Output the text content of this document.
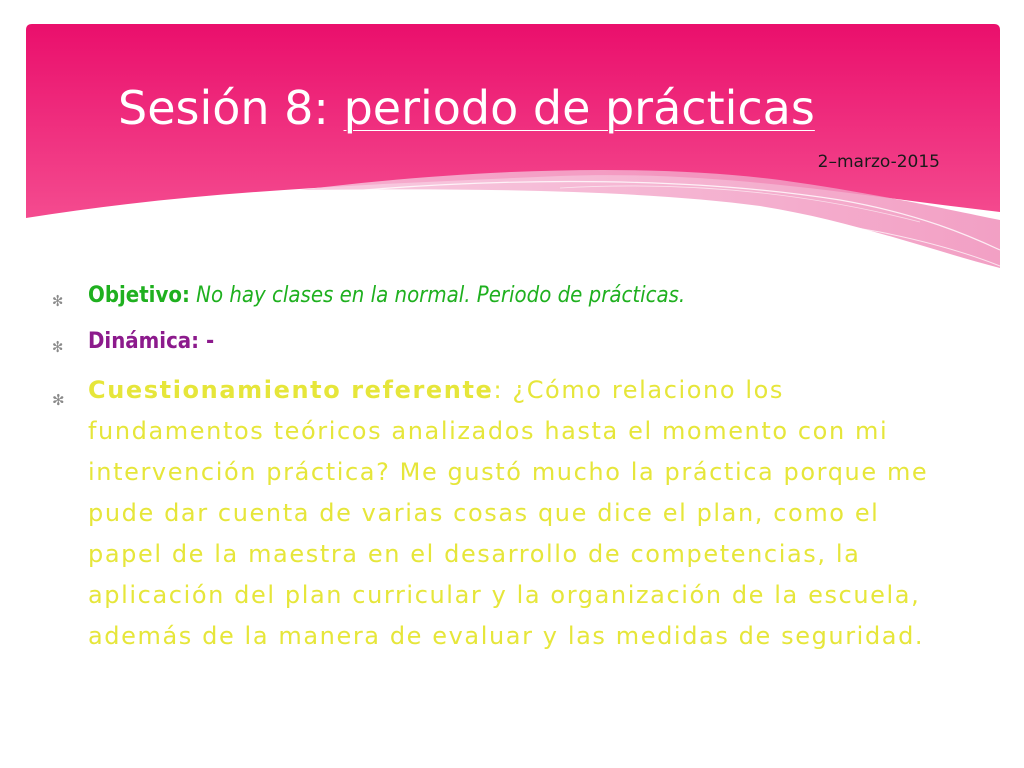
Sesión 8: periodo de prácticas
2–marzo-2015
✻ Objetivo: No hay clases en la normal. Periodo de prácticas.
✻ Dinámica: -
✻ Cuestionamiento referente: ¿Cómo relaciono los fundamentos teóricos analizados hasta el momento con mi intervención práctica? Me gustó mucho la práctica porque me pude dar cuenta de varias cosas que dice el plan, como el papel de la maestra en el desarrollo de competencias, la aplicación del plan curricular y la organización de la escuela, además de la manera de evaluar y las medidas de seguridad.
